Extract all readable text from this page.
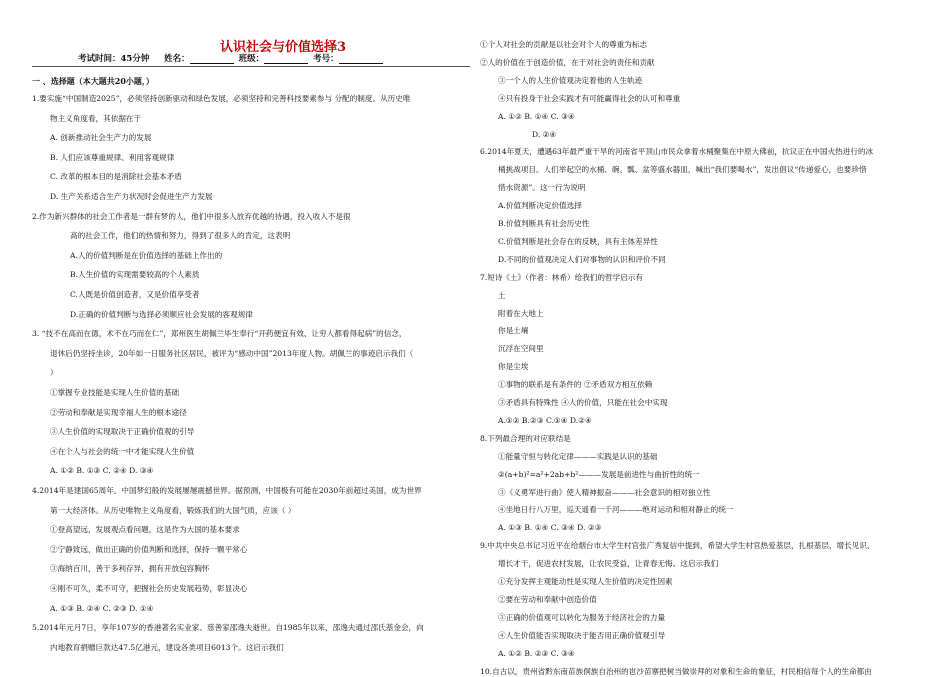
认识社会与价值选择3
考试时间：45分钟 姓名：	班级：	考号：
一 、选择题（本大题共20小题，）
1.要实施“中国制造2025”，必须坚持创新驱动和绿色发展，必须坚持和完善科技要素参与 分配的制度。从历史唯
物主义角度看，其依据在于
A. 创新推动社会生产力的发展
B. 人们应该尊重规律、利用客观规律
C. 改革的根本目的是消除社会基本矛盾
D. 生产关系适合生产力状况时会促进生产力发展
2.作为新兴群体的社会工作者是一群有梦的人，他们中很多人放弃优越的待遇，投入收入不是很
高的社会工作，他们的热情和努力，得到了很多人的肯定，这表明
A.人的价值判断是在价值选择的基础上作出的
B.人生价值的实现需要较高的个人素质
C.人既是价值创造者，又是价值享受者
D.正确的价值判断与选择必须顺应社会发展的客观规律
3. “技不在高而在德，术不在巧而在仁”，郑州医生胡佩兰毕生奉行“开药便宜有效、让穷人都看得起病”的信念，
退休后仍坚持坐诊，20年如一日服务社区居民，被评为“感动中国”2013年度人物。胡佩兰的事迹启示我们（
）
①掌握专业技能是实现人生价值的基础
②劳动和奉献是实现幸福人生的根本途径
③人生价值的实现取决于正确价值观的引导
④在个人与社会的统一中才能实现人生价值
A. ①② B. ①③ C. ②④ D. ③④
4.2014年是建国65周年。中国梦幻般的发展屡屡震撼世界。据预测，中国极有可能在2030年前超过美国，成为世界
第一大经济体。从历史唯物主义角度看，锻炼我们的大国气质，应该（ ）
①登高望远，发展观点看问题，这是作为大国的基本要求
②宁静致远，做出正确的价值判断和选择，保持一颗平常心
③海纳百川，善于多利存异，拥有开放包容胸怀
④刚不可久，柔不可守，把握社会历史发展趋势，彰显决心
A. ①③ B. ②④ C. ②③ D. ①④
5.2014年元月7日，享年107岁的香港著名实业家、慈善家邵逸夫逝世。自1985年以来，邵逸夫通过邵氏基金会，向
内地教育捐赠巨款达47.5亿港元，建设各类项目6013个。这启示我们
①个人对社会的贡献是以社会对个人的尊重为标志
②人的价值在于创造价值，在于对社会的责任和贡献
③一个人的人生价值观决定着他的人生轨迹
④只有投身于社会实践才有可能赢得社会的认可和尊重
A. ①② B. ①④ C. ③④
D. ②④
6.2014年夏天，遭遇63年最严重干旱的河南省平顶山市民众拿着水桶聚集在中原大佛前，抗议正在中国火热进行的冰
桶挑战项目。人们举起空的水桶、碗、瓢、盆等盛水器皿，喊出“我们要喝水”，发出倡议“传递爱心，也要珍惜
惜水资源”。这一行为说明
A.价值判断决定价值选择
B.价值判断具有社会历史性
C.价值判断是社会存在的反映，具有主体差异性
D.不同的价值观决定人们对事物的认识和评价不同
7.短诗《土》（作者：林希）给我们的哲学启示有
土
附着在大地上
你是土壤
沉浮在空间里
你是尘埃
①事物的联系是有条件的 ②矛盾双方相互依赖
③矛盾具有特殊性 ④人的价值，只能在社会中实现
A.①② B.②③ C.①④ D.②④
8.下列最合理的对应联结是
①能量守恒与转化定律———实践是认识的基础
②(a+b)²=a²+2ab+b²———发展是前进性与曲折性的统一
③《义勇军进行曲》使人精神振奋———社会意识的相对独立性
④坐地日行八万里，巡天遥看一千河———绝对运动和相对静止的统一
A. ①③ B. ①④ C. ③④ D. ②③
9.中共中央总书记习近平在给烟台市大学生村官张广秀复信中提到，希望大学生村官热爱基层，扎根基层，增长见识、
增长才干，促进农村发展，让农民受益，让青春无悔。这启示我们
①充分发挥主观能动性是实现人生价值的决定性因素
②要在劳动和奉献中创造价值
③正确的价值观可以转化为服务于经济社会的力量
④人生价值能否实现取决于能否用正确价值观引导
A. ①② B. ②③ C. ③④
10.自古以，贵州省黔东南苗族侗族自治州的岜沙苗寨把树当做崇拜的对象和生命的象征，村民相信每个人的生命都由
